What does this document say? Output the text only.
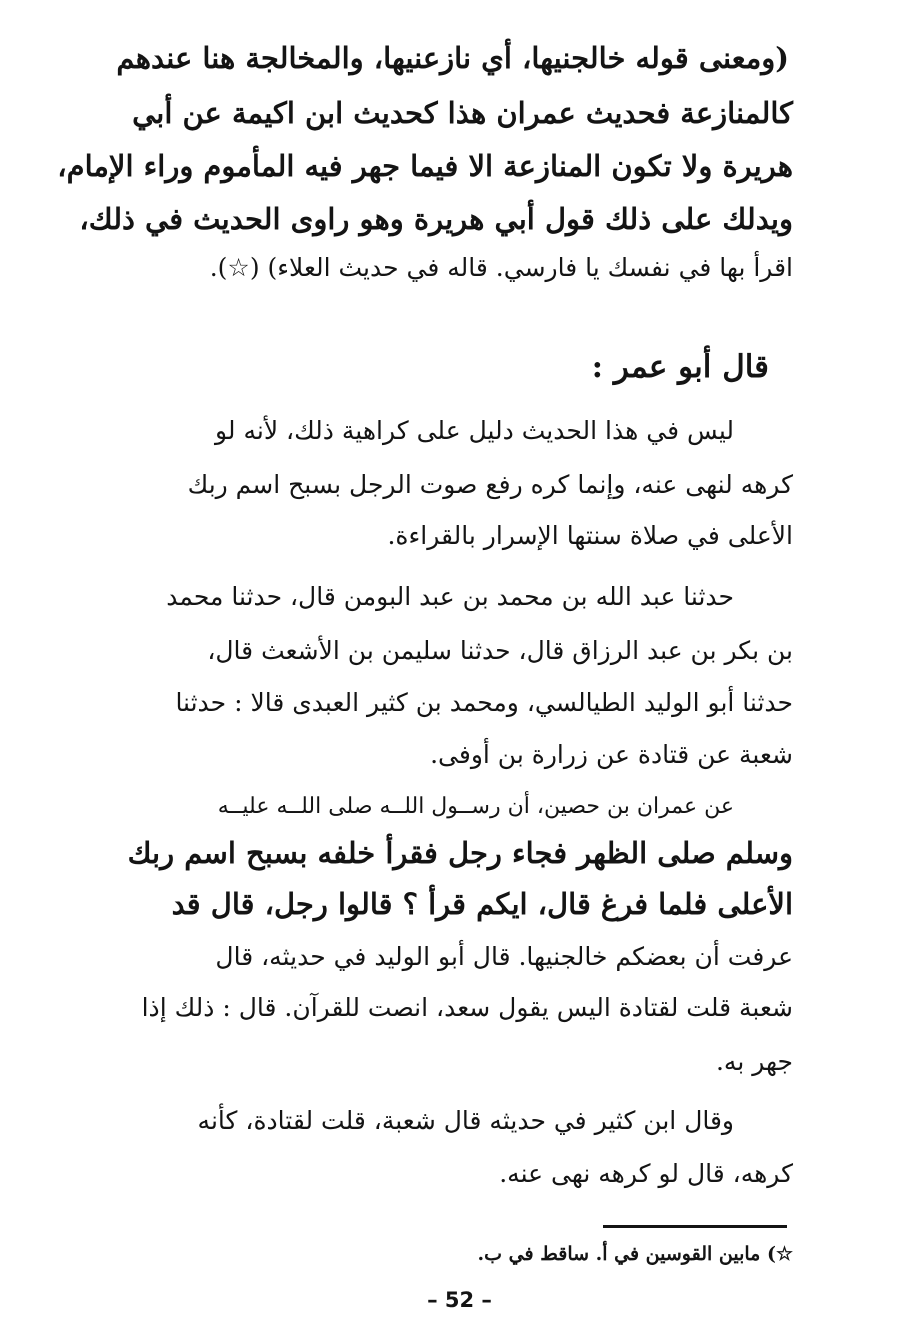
(ومعنى قوله خالجنيها، أي نازعنيها، والمخالجة هنا عندهم
كالمنازعة فحديث عمران هذا كحديث ابن اكيمة عن أبي
هريرة ولا تكون المنازعة الا فيما جهر فيه المأموم وراء الإمام،
ويدلك على ذلك قول أبي هريرة وهو راوى الحديث في ذلك،
اقرأ بها في نفسك يا فارسي. قاله في حديث العلاء) (☆).
قال أبو عمر :
ليس في هذا الحديث دليل على كراهية ذلك، لأنه لو
كرهه لنهى عنه، وإنما كره رفع صوت الرجل بسبح اسم ربك
الأعلى في صلاة سنتها الإسرار بالقراءة.
حدثنا عبد الله بن محمد بن عبد البومن قال، حدثنا محمد
بن بكر بن عبد الرزاق قال، حدثنا سليمن بن الأشعث قال،
حدثنا أبو الوليد الطيالسي، ومحمد بن كثير العبدى قالا : حدثنا
شعبة عن قتادة عن زرارة بن أوفى.
عن عمران بن حصين، أن رســول اللــه صلى اللــه عليــه
وسلم صلى الظهر فجاء رجل فقرأ خلفه بسبح اسم ربك
الأعلى فلما فرغ قال، ايكم قرأ ؟ قالوا رجل، قال قد
عرفت أن بعضكم خالجنيها. قال أبو الوليد في حديثه، قال
شعبة قلت لقتادة اليس يقول سعد، انصت للقرآن. قال : ذلك إذا
جهر به.
وقال ابن كثير في حديثه قال شعبة، قلت لقتادة، كأنه
كرهه، قال لو كرهه نهى عنه.
☆) مابين القوسين في أ. ساقط في ب.
– 52 –
